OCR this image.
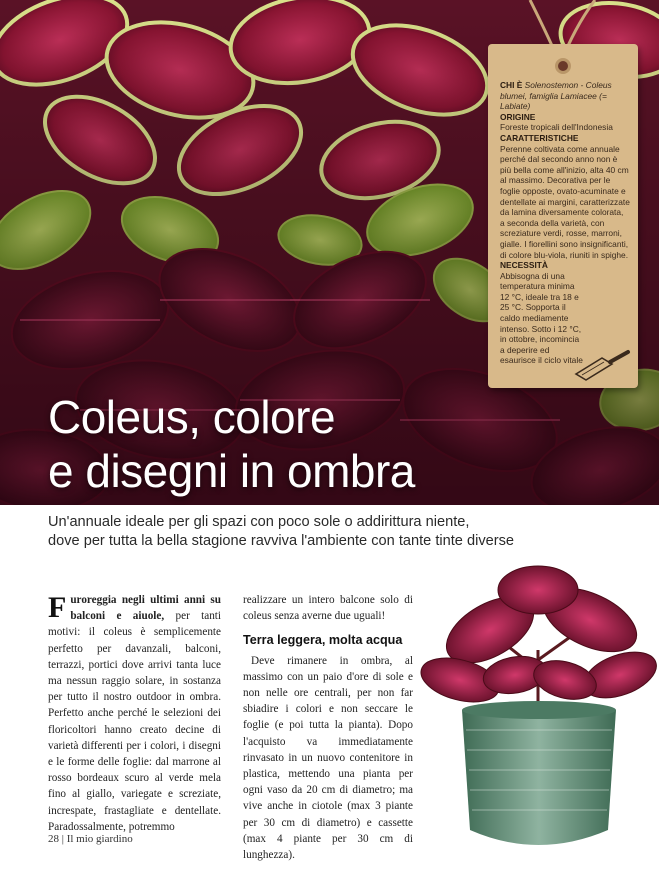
Coleus, colore
e disegni in ombra

CHI È Solenostemon - Coleus blumei, famiglia Lamiacee (= Labiate)

ORIGINE

Foreste tropicali dell'Indonesia

CARATTERISTICHE

Perenne coltivata come annuale perché dal secondo anno non è più bella come all'inizio, alta 40 cm al massimo. Decorativa per le foglie opposte, ovato-acuminate e dentellate ai margini, caratterizzate da lamina diversamente colorata, a seconda della varietà, con screziature verdi, rosse, marroni, gialle. I fiorellini sono insignificanti, di colore blu-viola, riuniti in spighe.

NECESSITÀ

Abbisogna di una temperatura minima 12 °C, ideale tra 18 e 25 °C. Sopporta il caldo mediamente intenso. Sotto i 12 °C, in ottobre, incomincia a deperire ed esaurisce il ciclo vitale

Un'annuale ideale per gli spazi con poco sole o addirittura niente,
dove per tutta la bella stagione ravviva l'ambiente con tante tinte diverse
Furoreggia negli ultimi anni su balconi e aiuole, per tanti motivi: il coleus è semplicemente perfetto per davanzali, balconi, terrazzi, portici dove arrivi tanta luce ma nessun raggio solare, in sostanza per tutto il nostro outdoor in ombra. Perfetto anche perché le selezioni dei floricoltori hanno creato decine di varietà differenti per i colori, i disegni e le forme delle foglie: dal marrone al rosso bordeaux scuro al verde mela fino al giallo, variegate e screziate, increspate, frastagliate e dentellate. Paradossalmente, potremmo

realizzare un intero balcone solo di coleus senza averne due uguali!

Terra leggera, molta acqua

Deve rimanere in ombra, al massimo con un paio d'ore di sole e non nelle ore centrali, per non far sbiadire i colori e non seccare le foglie (e poi tutta la pianta). Dopo l'acquisto va immediatamente rinvasato in un nuovo contenitore in plastica, mettendo una pianta per ogni vaso da 20 cm di diametro; ma vive anche in ciotole (max 3 piante per 30 cm di diametro) e cassette (max 4 piante per 30 cm di lunghezza).

28 | Il mio giardino
